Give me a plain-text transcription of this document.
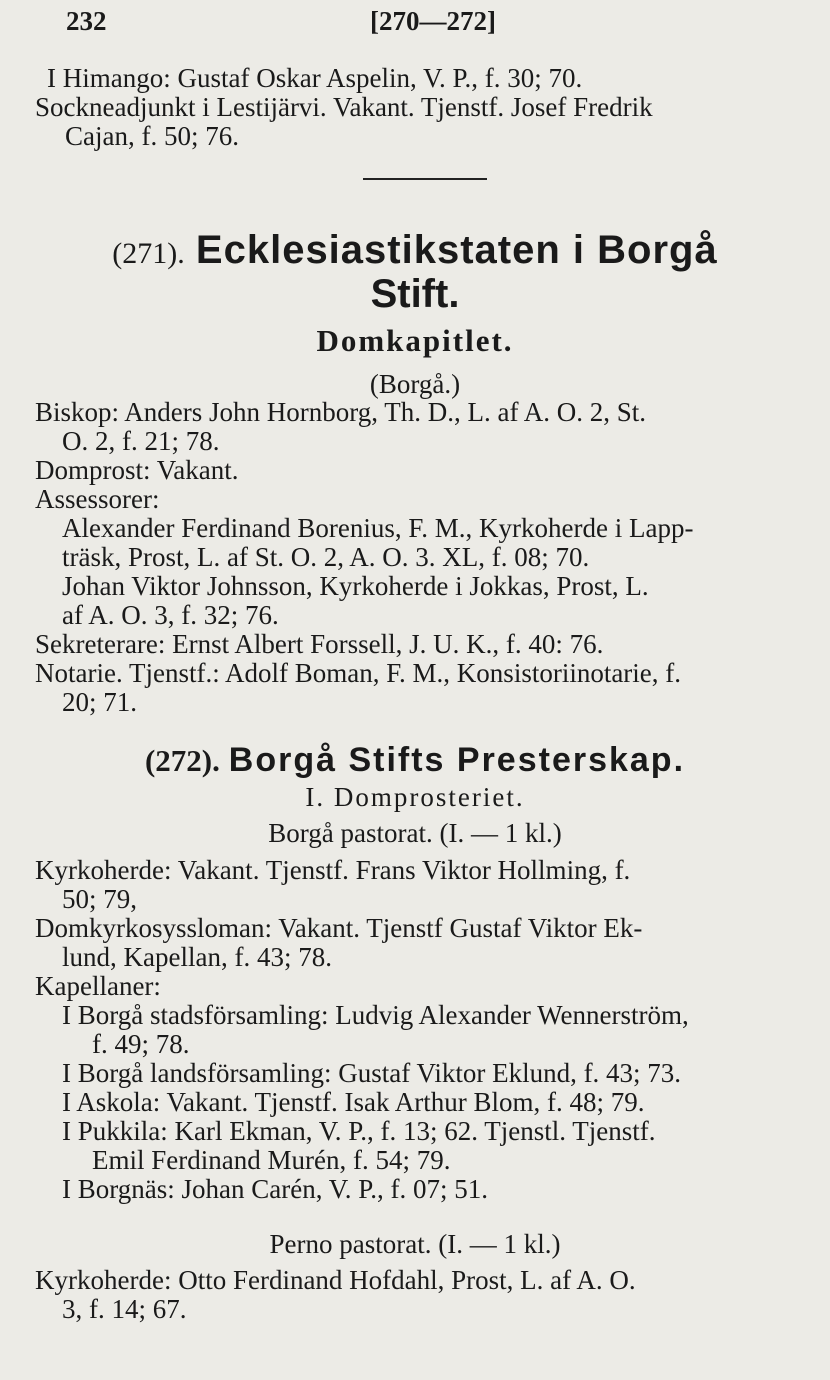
232	[270—272]
I Himango: Gustaf Oskar Aspelin, V. P., f. 30; 70.
Sockneadjunkt i Lestijärvi. Vakant. Tjenstf. Josef Fredrik
Cajan, f. 50; 76.
(271). Ecklesiastikstaten i Borgå
Stift.
Domkapitlet.
(Borgå.)
Biskop: Anders John Hornborg, Th. D., L. af A. O. 2, St.
O. 2, f. 21; 78.
Domprost: Vakant.
Assessorer:
Alexander Ferdinand Borenius, F. M., Kyrkoherde i Lapp-
träsk, Prost, L. af St. O. 2, A. O. 3. XL, f. 08; 70.
Johan Viktor Johnsson, Kyrkoherde i Jokkas, Prost, L.
af A. O. 3, f. 32; 76.
Sekreterare: Ernst Albert Forssell, J. U. K., f. 40: 76.
Notarie. Tjenstf.: Adolf Boman, F. M., Konsistoriinotarie, f.
20; 71.
(272). Borgå Stifts Presterskap.
I. Domprosteriet.
Borgå pastorat. (I. — 1 kl.)
Kyrkoherde: Vakant. Tjenstf. Frans Viktor Hollming, f.
50; 79,
Domkyrkosyssloman: Vakant. Tjenstf Gustaf Viktor Ek-
lund, Kapellan, f. 43; 78.
Kapellaner:
I Borgå stadsförsamling: Ludvig Alexander Wennerström,
f. 49; 78.
I Borgå landsförsamling: Gustaf Viktor Eklund, f. 43; 73.
I Askola: Vakant. Tjenstf. Isak Arthur Blom, f. 48; 79.
I Pukkila: Karl Ekman, V. P., f. 13; 62. Tjenstl. Tjenstf.
Emil Ferdinand Murén, f. 54; 79.
I Borgnäs: Johan Carén, V. P., f. 07; 51.
Perno pastorat. (I. — 1 kl.)
Kyrkoherde: Otto Ferdinand Hofdahl, Prost, L. af A. O.
3, f. 14; 67.
